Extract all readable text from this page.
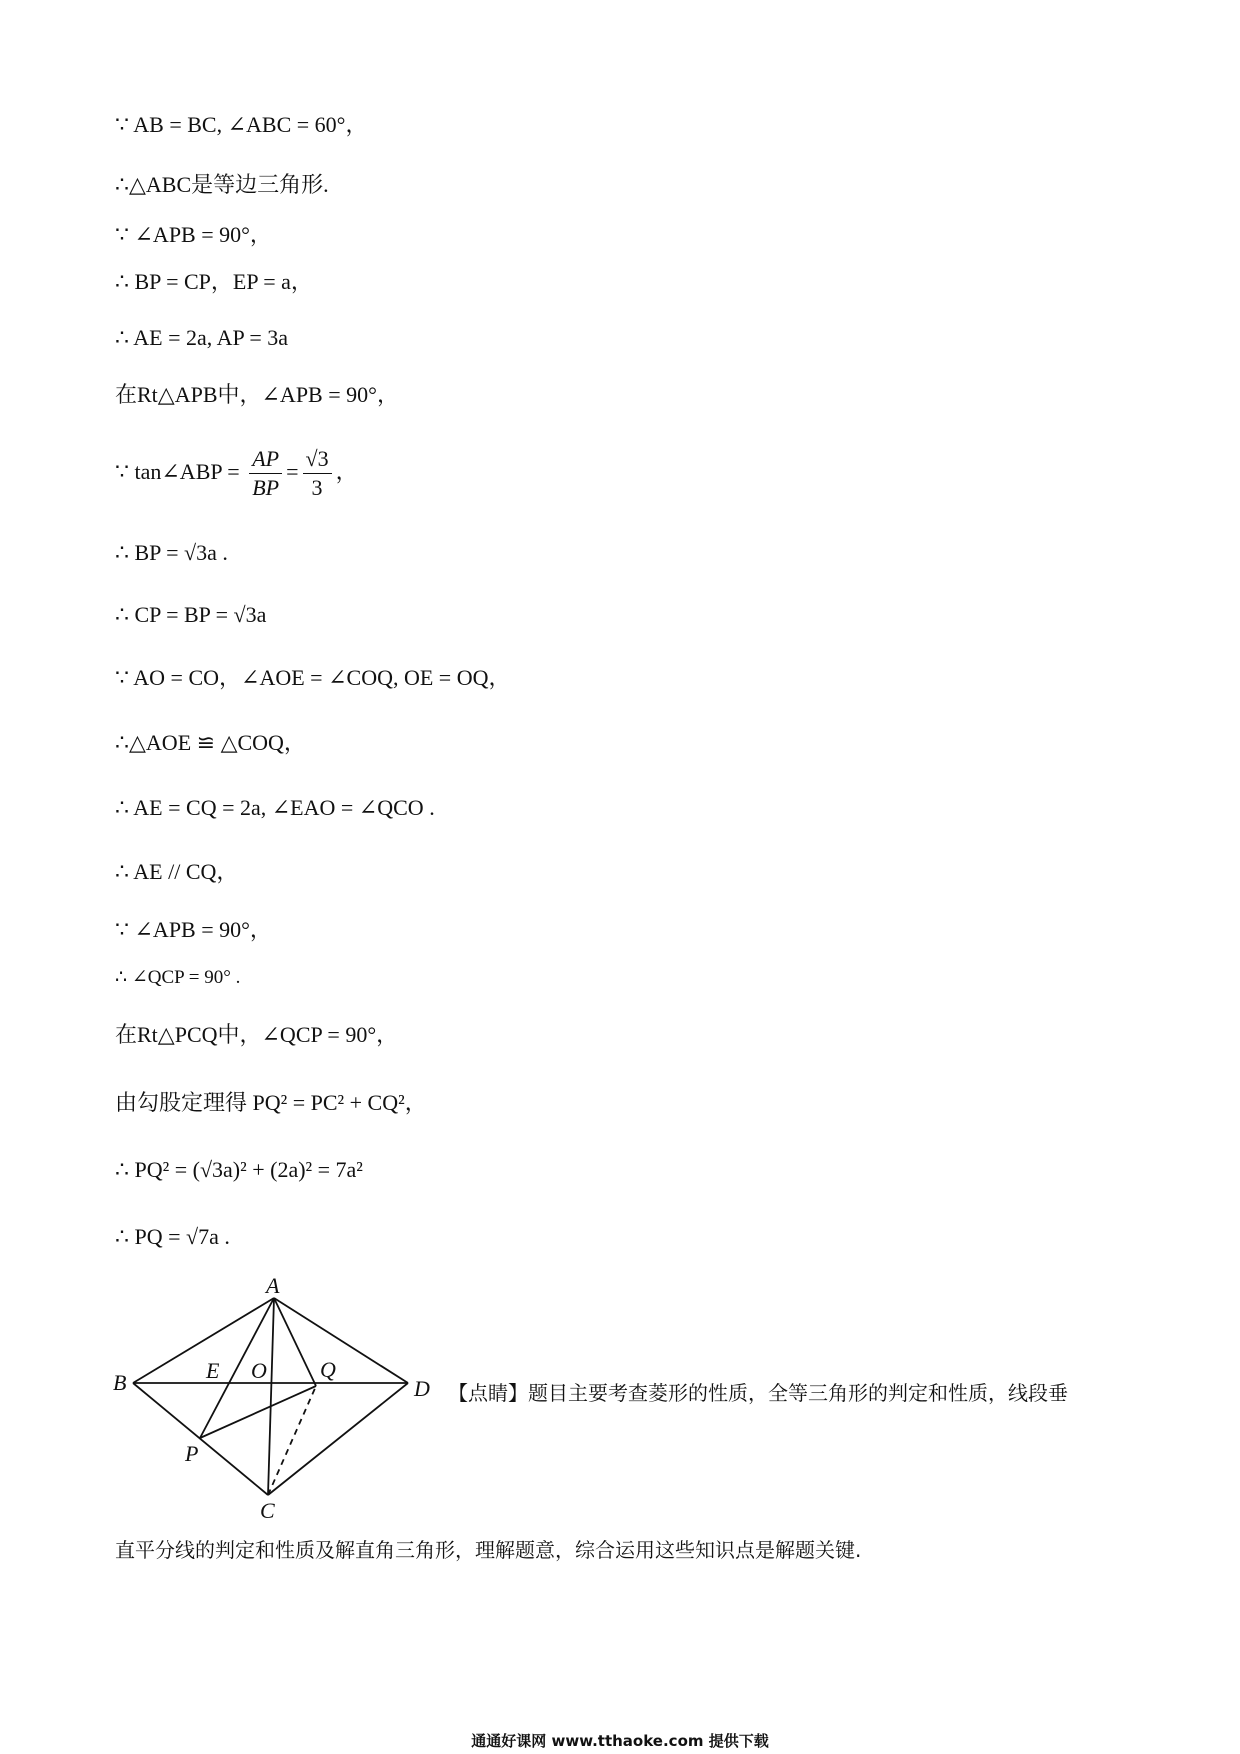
∵ AB = BC, ∠ABC = 60°，
∴△ABC是等边三角形.
∵ ∠APB = 90°，
∴ BP = CP，EP = a，
∴ AE = 2a, AP = 3a
在Rt△APB中，∠APB = 90°，
∵ tan∠ABP = $\frac{AP}{BP} = \frac{√3}{3}$ ，
∴ BP = √3a .
∴ CP = BP = √3a
∵ AO = CO，∠AOE = ∠COQ, OE = OQ，
∴△AOE ≌ △COQ，
∴ AE = CQ = 2a, ∠EAO = ∠QCO .
∴ AE // CQ，
∵ ∠APB = 90°，
∴ ∠QCP = 90° .
在Rt△PCQ中，∠QCP = 90°，
由勾股定理得 PQ² = PC² + CQ²，
∴ PQ² = (√3a)² + (2a)² = 7a²
∴ PQ = √7a .
A
B
C
D
E O
P
Q
【点睛】题目主要考查菱形的性质，全等三角形的判定和性质，线段垂
直平分线的判定和性质及解直角三角形，理解题意，综合运用这些知识点是解题关键.
通通好课网 www.tthaoke.com 提供下载
